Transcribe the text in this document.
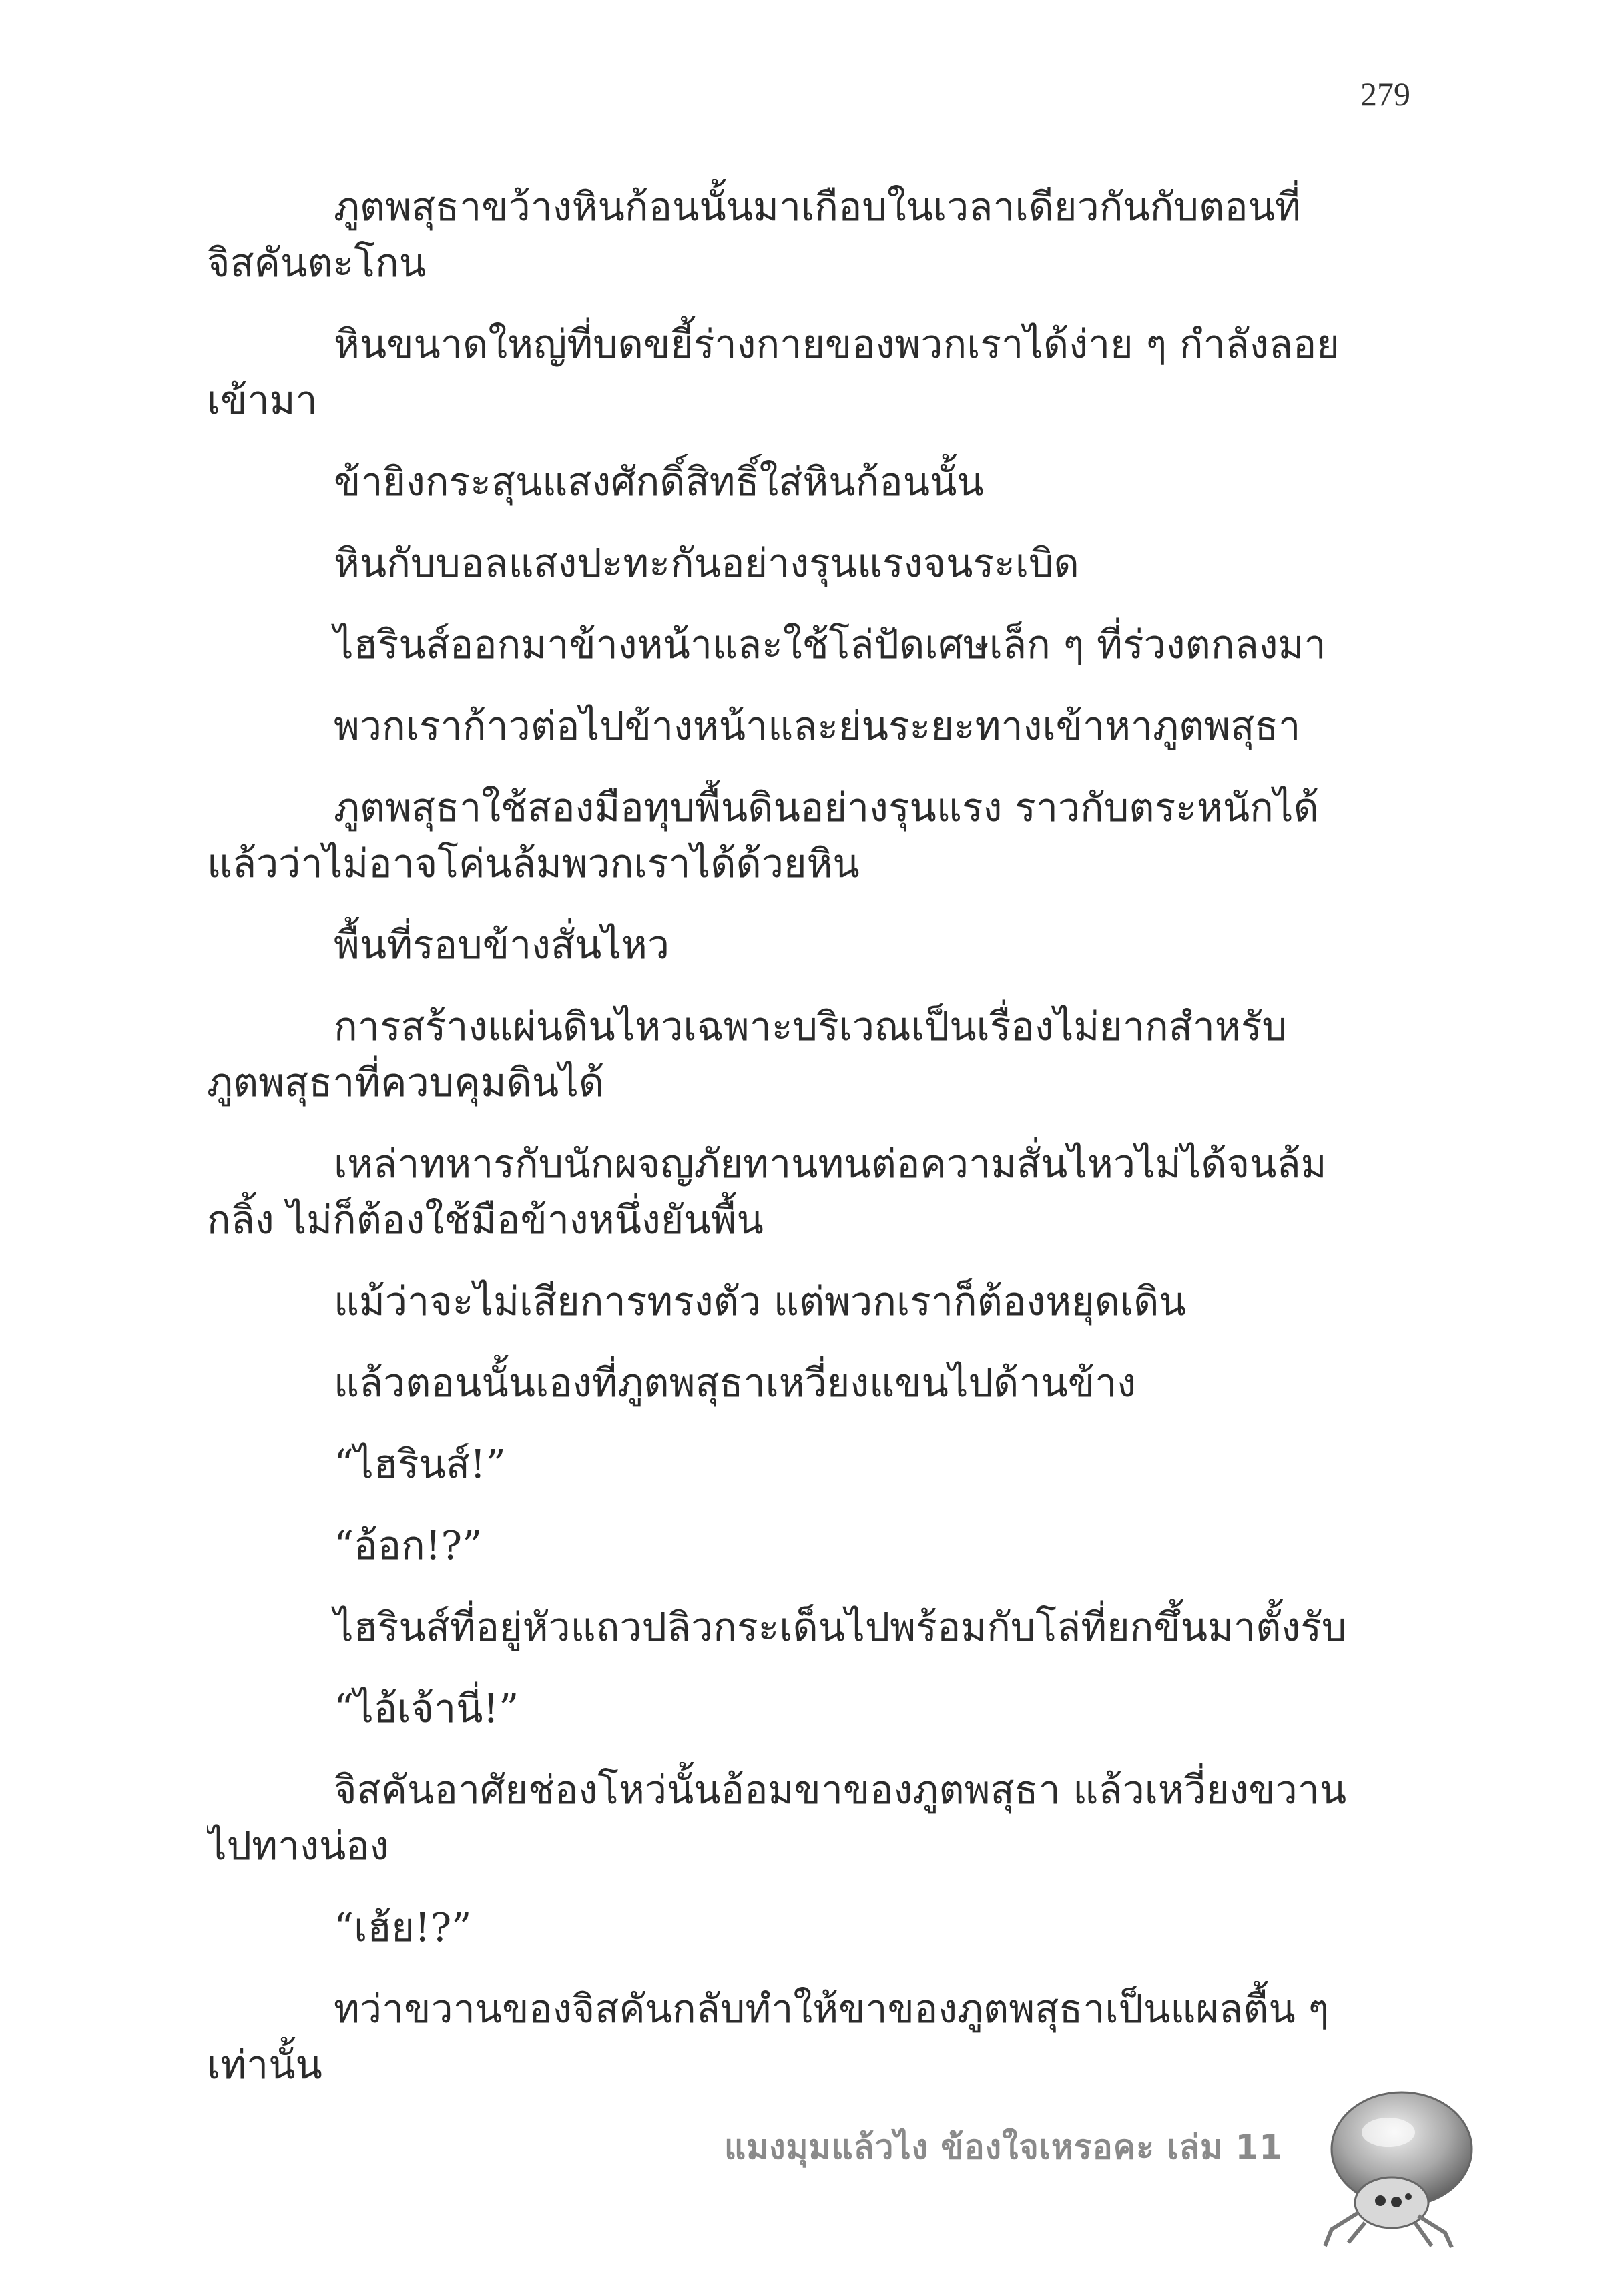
279
ภูตพสุธาขว้างหินก้อนนั้นมาเกือบในเวลาเดียวกันกับตอนที่
จิสคันตะโกน
หินขนาดใหญ่ที่บดขยี้ร่างกายของพวกเราได้ง่าย ๆ กำลังลอย
เข้ามา
ข้ายิงกระสุนแสงศักดิ์สิทธิ์ใส่หินก้อนนั้น
หินกับบอลแสงปะทะกันอย่างรุนแรงจนระเบิด
ไฮรินส์ออกมาข้างหน้าและใช้โล่ปัดเศษเล็ก ๆ ที่ร่วงตกลงมา
พวกเราก้าวต่อไปข้างหน้าและย่นระยะทางเข้าหาภูตพสุธา
ภูตพสุธาใช้สองมือทุบพื้นดินอย่างรุนแรง ราวกับตระหนักได้
แล้วว่าไม่อาจโค่นล้มพวกเราได้ด้วยหิน
พื้นที่รอบข้างสั่นไหว
การสร้างแผ่นดินไหวเฉพาะบริเวณเป็นเรื่องไม่ยากสำหรับ
ภูตพสุธาที่ควบคุมดินได้
เหล่าทหารกับนักผจญภัยทานทนต่อความสั่นไหวไม่ได้จนล้ม
กลิ้ง ไม่ก็ต้องใช้มือข้างหนึ่งยันพื้น
แม้ว่าจะไม่เสียการทรงตัว แต่พวกเราก็ต้องหยุดเดิน
แล้วตอนนั้นเองที่ภูตพสุธาเหวี่ยงแขนไปด้านข้าง
“ไฮรินส์!”
“อ้อก!?”
ไฮรินส์ที่อยู่หัวแถวปลิวกระเด็นไปพร้อมกับโล่ที่ยกขึ้นมาตั้งรับ
“ไอ้เจ้านี่!”
จิสคันอาศัยช่องโหว่นั้นอ้อมขาของภูตพสุธา แล้วเหวี่ยงขวาน
ไปทางน่อง
“เฮ้ย!?”
ทว่าขวานของจิสคันกลับทำให้ขาของภูตพสุธาเป็นแผลตื้น ๆ
เท่านั้น
แมงมุมแล้วไง ข้องใจเหรอคะ เล่ม 11
